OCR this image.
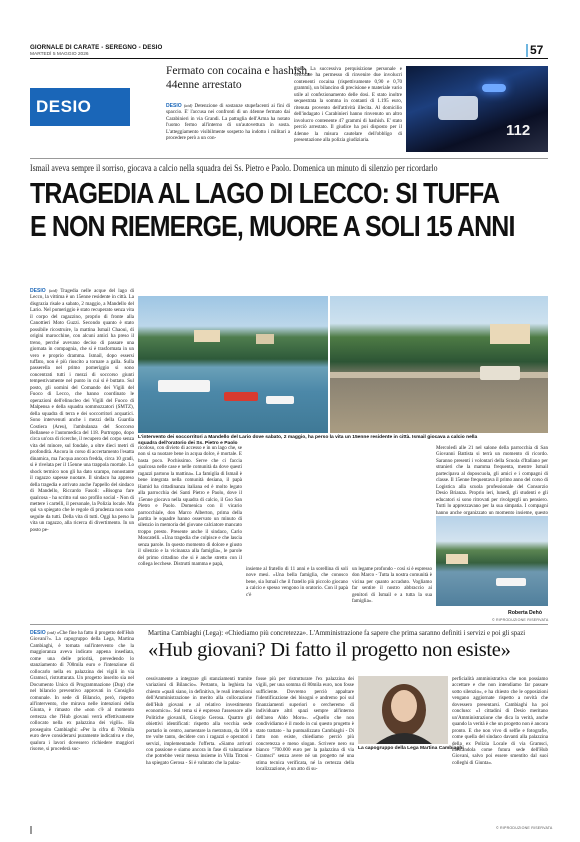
GIORNALE DI CARATE - SEREGNO - DESIO
MARTEDÌ 5 MAGGIO 2026	57
DESIO
Fermato con cocaina e hashish, 44enne arrestato
DESIO (atd) Detenzione di sostanze stupefacenti ai fini di spaccio. E' l'accusa nei confronti di un 44enne fermato dai Carabinieri in via Grandi. La pattuglia dell'Arma ha notato l'uomo fermo all'interno di un'autovettura in sosta. L'atteggiamento visibilmente sospetto ha indotto i militari a procedere però a un con-
trollo. La successiva perquisizione personale e veicolare ha permesso di rinvenire due involucri contenenti cocaina (rispettivamente 0,90 e 0,70 grammi), un bilancino di precisione e materiale vario utile al confezionamento delle dosi. E stato inoltre sequestrata la somma in contanti di 1.195 euro, ritenuta provento dell'attività illecita. Al domicilio dell'indagato i Carabinieri hanno rinvenuto un altro involucro contenente 47 grammi di hashish. E' stato perciò arrestato. Il giudice ha poi disposto per il 44enne la misura cautelare dell'obbligo di presentazione alla polizia giudiziaria.
112
Ismail aveva sempre il sorriso, giocava a calcio nella squadra dei Ss. Pietro e Paolo. Domenica un minuto di silenzio per ricordarlo
TRAGEDIA AL LAGO DI LECCO: SI TUFFA
E NON RIEMERGE, MUORE A SOLI 15 ANNI
DESIO (atd) Tragedia nelle acque del lago di Lecco, la vittima è un 15enne residente in città. La disgrazia risale a sabato, 2 maggio, a Mandello del Lario. Nel pomeriggio è stato recuperato senza vita il corpo del ragazzino, proprio di fronte alla Canottieri Moto Guzzi. Secondo quanto è stato possibile ricostruire, la mattina Ismail Chaoui, di origini marocchine, con alcuni amici ha preso il treno, perché avevano deciso di passare una giornata in compagnia, che si è trasformata in un vero e proprio dramma. Ismail, dopo essersi tuffato, non è più riuscito a tornare a galla. Sulla passerella nel primo pomeriggio si sono concentrati tutti i mezzi di soccorso giunti tempestivamente nel punto in cui si è buttato. Sul posto, gli uomini del Comando dei Vigili del Fuoco di Lecco, che hanno coordinato le operazioni dell'elinucleo dei Vigili del Fuoco di Malpensa e della squadra sommozzatori (SMTZ), della squadra di terra e dei soccorritori acquatici. Sono intervenuti anche i mezzi della Guardia Costiera (Areu), l'ambulanza del Soccorso Bellanese e l'automedica del 118. Purtroppo, dopo circa un'ora di ricerche, il recupero del corpo senza vita del minore, sul fondale, a oltre dieci metri di profondità. Ancora in corso di accertamento l'esatta dinamica, ma l'acqua ancora fredda, circa 10 gradi, si è rivelata per il 15enne una trappola mortale. Lo shock termico non gli ha dato scampo, nonostante il ragazzo sapesse nuotare. Il sindaco ha appreso della tragedia e arrivato anche l'appello del sindaco di Mandello, Riccardo Fasoli: «Bisogna fare qualcosa - ha scritto sul suo profilo social - Non di mettere i cartelli, il personale, la Polizia locale. Ma qui va spiegato che le regole di prudenza non sono seguite da tutti. Della vita di tutti. Oggi ha perso la vita un ragazzo, alla ricerca di divertimento. In un posto pe-
L'intervento dei soccorritori a Mandello del Lario dove sabato, 2 maggio, ha perso la vita un 15enne residente in città. Ismail giocava a calcio nella squadra dell'oratorio dei Ss. Pietro e Paolo
ricoloso, con divieto di accesso e in un lago che, se non si sa nuotare bene in acqua dolce, è mortale. E basta poco. Pochissimo. Serve che ci faccia qualcosa nelle case e nelle comunità da dove questi ragazzi partono la mattina». La famiglia di Ismail è bene integrata nella comunità desiana, il papà Hamid ha cittadinanza italiana ed è molto legato alla parrocchia dei Santi Pietro e Paolo, dove il 15enne giocava nella squadra di calcio, il Gso San Pietro e Paolo. Domenica con il vicario parrocchiale, don Marco Alberton, prima della partita le squadre hanno osservato un minuto di silenzio in memoria del giovane calciatore mancato troppo presto. Presente anche il sindaco, Carlo Moscatelli. «Una tragedia che colpisce e che lascia senza parole. In questo momento di dolore e giusto il silenzio e la vicinanza alla famiglia», le parole del primo cittadino che si è anche stretto con il collega lecchese. Distrutti mamma e papà,
insieme al fratello di 11 anni e la sorellina di soli nove mesi. «Una bella famiglia, che conosco bene, sia Ismail che il fratello più piccolo giocano a calcio e spesso vengono in oratorio. Con il papà c'è
un legame profondo - così si è espresso don Marco - Tutta la nostra comunità è vicina per quanto accaduto. Vogliamo far sentire il nostro abbraccio ai genitori di Ismail e a tutta la sua famiglia».
Mercoledì alle 21 nel salone della parrocchia di San Giovanni Battista si terrà un momento di ricordo. Saranno presenti i volontari della Scuola d'Italiano per stranieri che la mamma frequenta, mentre Ismail partecipava al doposcuola, gli amici e i compagni di classe. Il 15enne frequentava il primo anno del corso di Logistica alla scuola professionale del Consorzio Desio Brianza. Proprio ieri, lunedì, gli studenti e gli educatori si sono ritrovati per rivolgergli un pensiero. Tutti lo apprezzavano per la sua simpatia. I compagni hanno anche organizzato un momento insieme, questo
Roberta Dehò
© RIPRODUZIONE RISERVATA
Martina Cambiaghi (Lega): «Chiediamo più concretezza». L'Amministrazione fa sapere che prima saranno definiti i servizi e poi gli spazi
«Hub giovani? Di fatto il progetto non esiste»
DESIO (atd) «Che fine ha fatto il progetto dell'Hub Giovani?». La capogruppo della Lega, Martina Cambiaghi, è tornata sull'intervento che la maggioranza aveva indicato appena insediata, come una delle priorità, prevedendo lo stanziamento di 700mila euro e l'intenzione di collocarlo nella ex palazzina dei vigili in via Gramsci, ristrutturata. Un progetto inserito sia nel Documento Unico di Programmazione (Dup) che nel bilancio preventivo approvati in Consiglio comunale. In sede di Bilancio, però, rispetto all'intervento, che mirava nelle intenzioni della Giunta, è rimasto che «non c'è al momento certezza che l'Hub giovani verrà effettivamente collocato nella ex palazzina dei vigili». Ha proseguito Cambiaghi: «Per la cifra di 700mila euro deve considerarsi puramente indicativa e che, qualora i lavori dovessero richiedere maggiori risorse, si procederà suc-
cessivamente a integrare gli stanziamenti tramite variazioni di Bilancio». Pertanto, la leghista ha chiesto «quali siano, in definitiva, le reali intenzioni dell'Amministrazione in merito alla collocazione dell'Hub giovani e al relativo investimento economico». Sul tema si è espresso l'assessore alle Politiche giovanili, Giorgio Gerosa. Quattro gli obiettivi identificati: rispetto alla vecchia sede portarlo in centro, aumentare la metratura, da 100 a tre volte tanto, decidere con i ragazzi e operatori i servizi, implementando l'offerta. «Siamo arrivati con passione e siamo ancora in fase di valutazione che potrebbe venir messa insieme in Villa Tittoni - ha spiegato Gerosa - Si è valutato che la palaz-
fosse più per ristrutturare l'ex palazzina dei vigili, per una somma di 80mila euro, non fosse sufficiente. Dovremo perciò appaltare l'identificazione dei bisogni e andremo poi sul finanziamenti superiori o cercheremo di individuare altri spazi sempre all'interno dell'area Aldo Moro». «Quello che non condividiamo è il modo in cui questo progetto è stato trattato - ha puntualizzato Cambiaghi - Di fatto non esiste, chiediamo perciò più concretezza e meno slogan. Scrivere nero su bianco "700.000 euro per la palazzina di via Gramsci" senza avere né un progetto né una stima tecnica verificata, né la certezza della localizzazione, è un atto di su-
La capogruppo della Lega Martina Cambiaghi
perficialità amministrativa che non possiamo accettare e che non intendiamo far passare sotto silenzio», e ha chiesto che le opposizioni vengano aggiornate rispetto a novità che dovessero presentarsi. Cambiaghi ha poi concluso: «I cittadini di Desio meritano un'Amministrazione che dica la verità, anche quando la verità è che un progetto non è ancora pronto. E che non vivo di selfie e fotografie, come quella del sindaco davanti alla palazzina della ex Polizia Locale di via Gramsci, indicandola come futura sede dell'Hub Giovani, salvo poi essere smentito dal suoi colleghi di Giunta».
© RIPRODUZIONE RISERVATA
